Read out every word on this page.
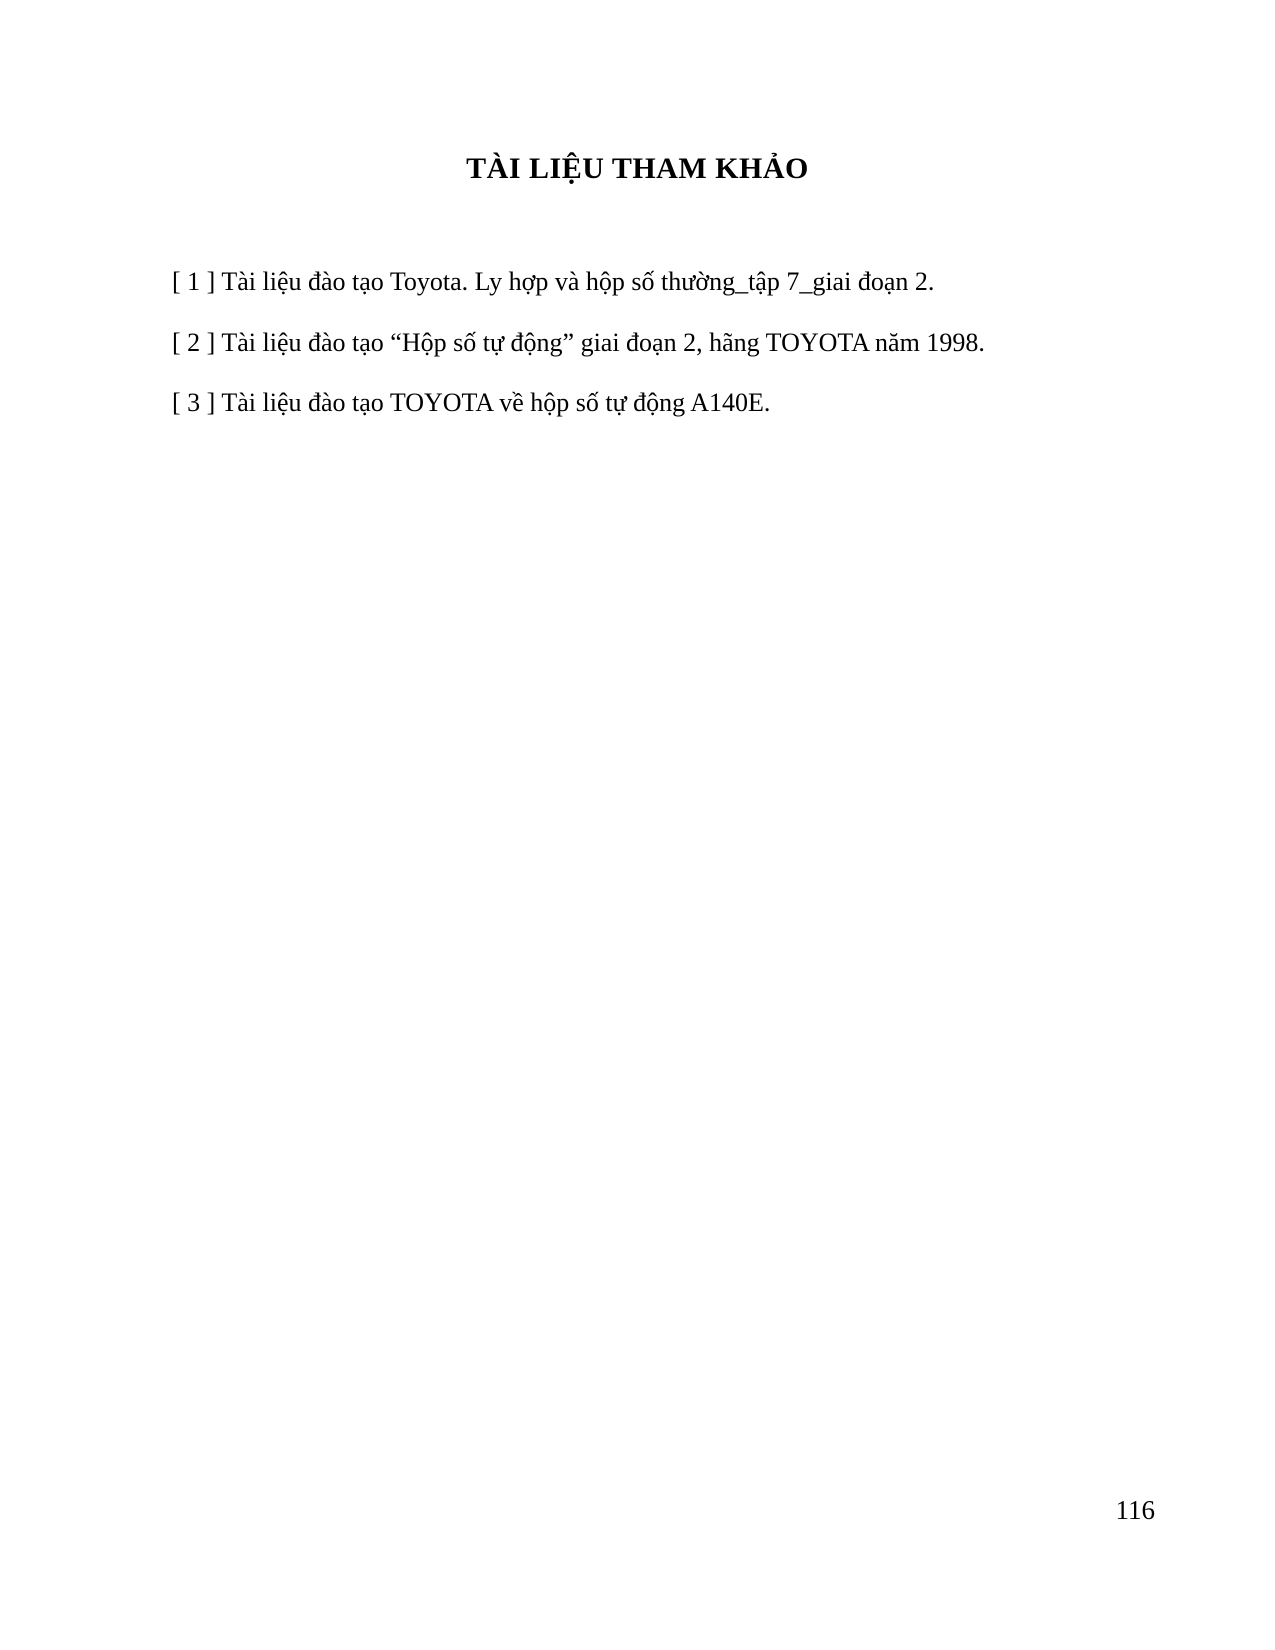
TÀI LIỆU THAM KHẢO

[ 1 ] Tài liệu đào tạo Toyota. Ly hợp và hộp số thường_tập 7_giai đoạn 2.

[ 2 ] Tài liệu đào tạo “Hộp số tự động” giai đoạn 2, hãng TOYOTA năm 1998.

[ 3 ] Tài liệu đào tạo TOYOTA về hộp số tự động A140E.

116
